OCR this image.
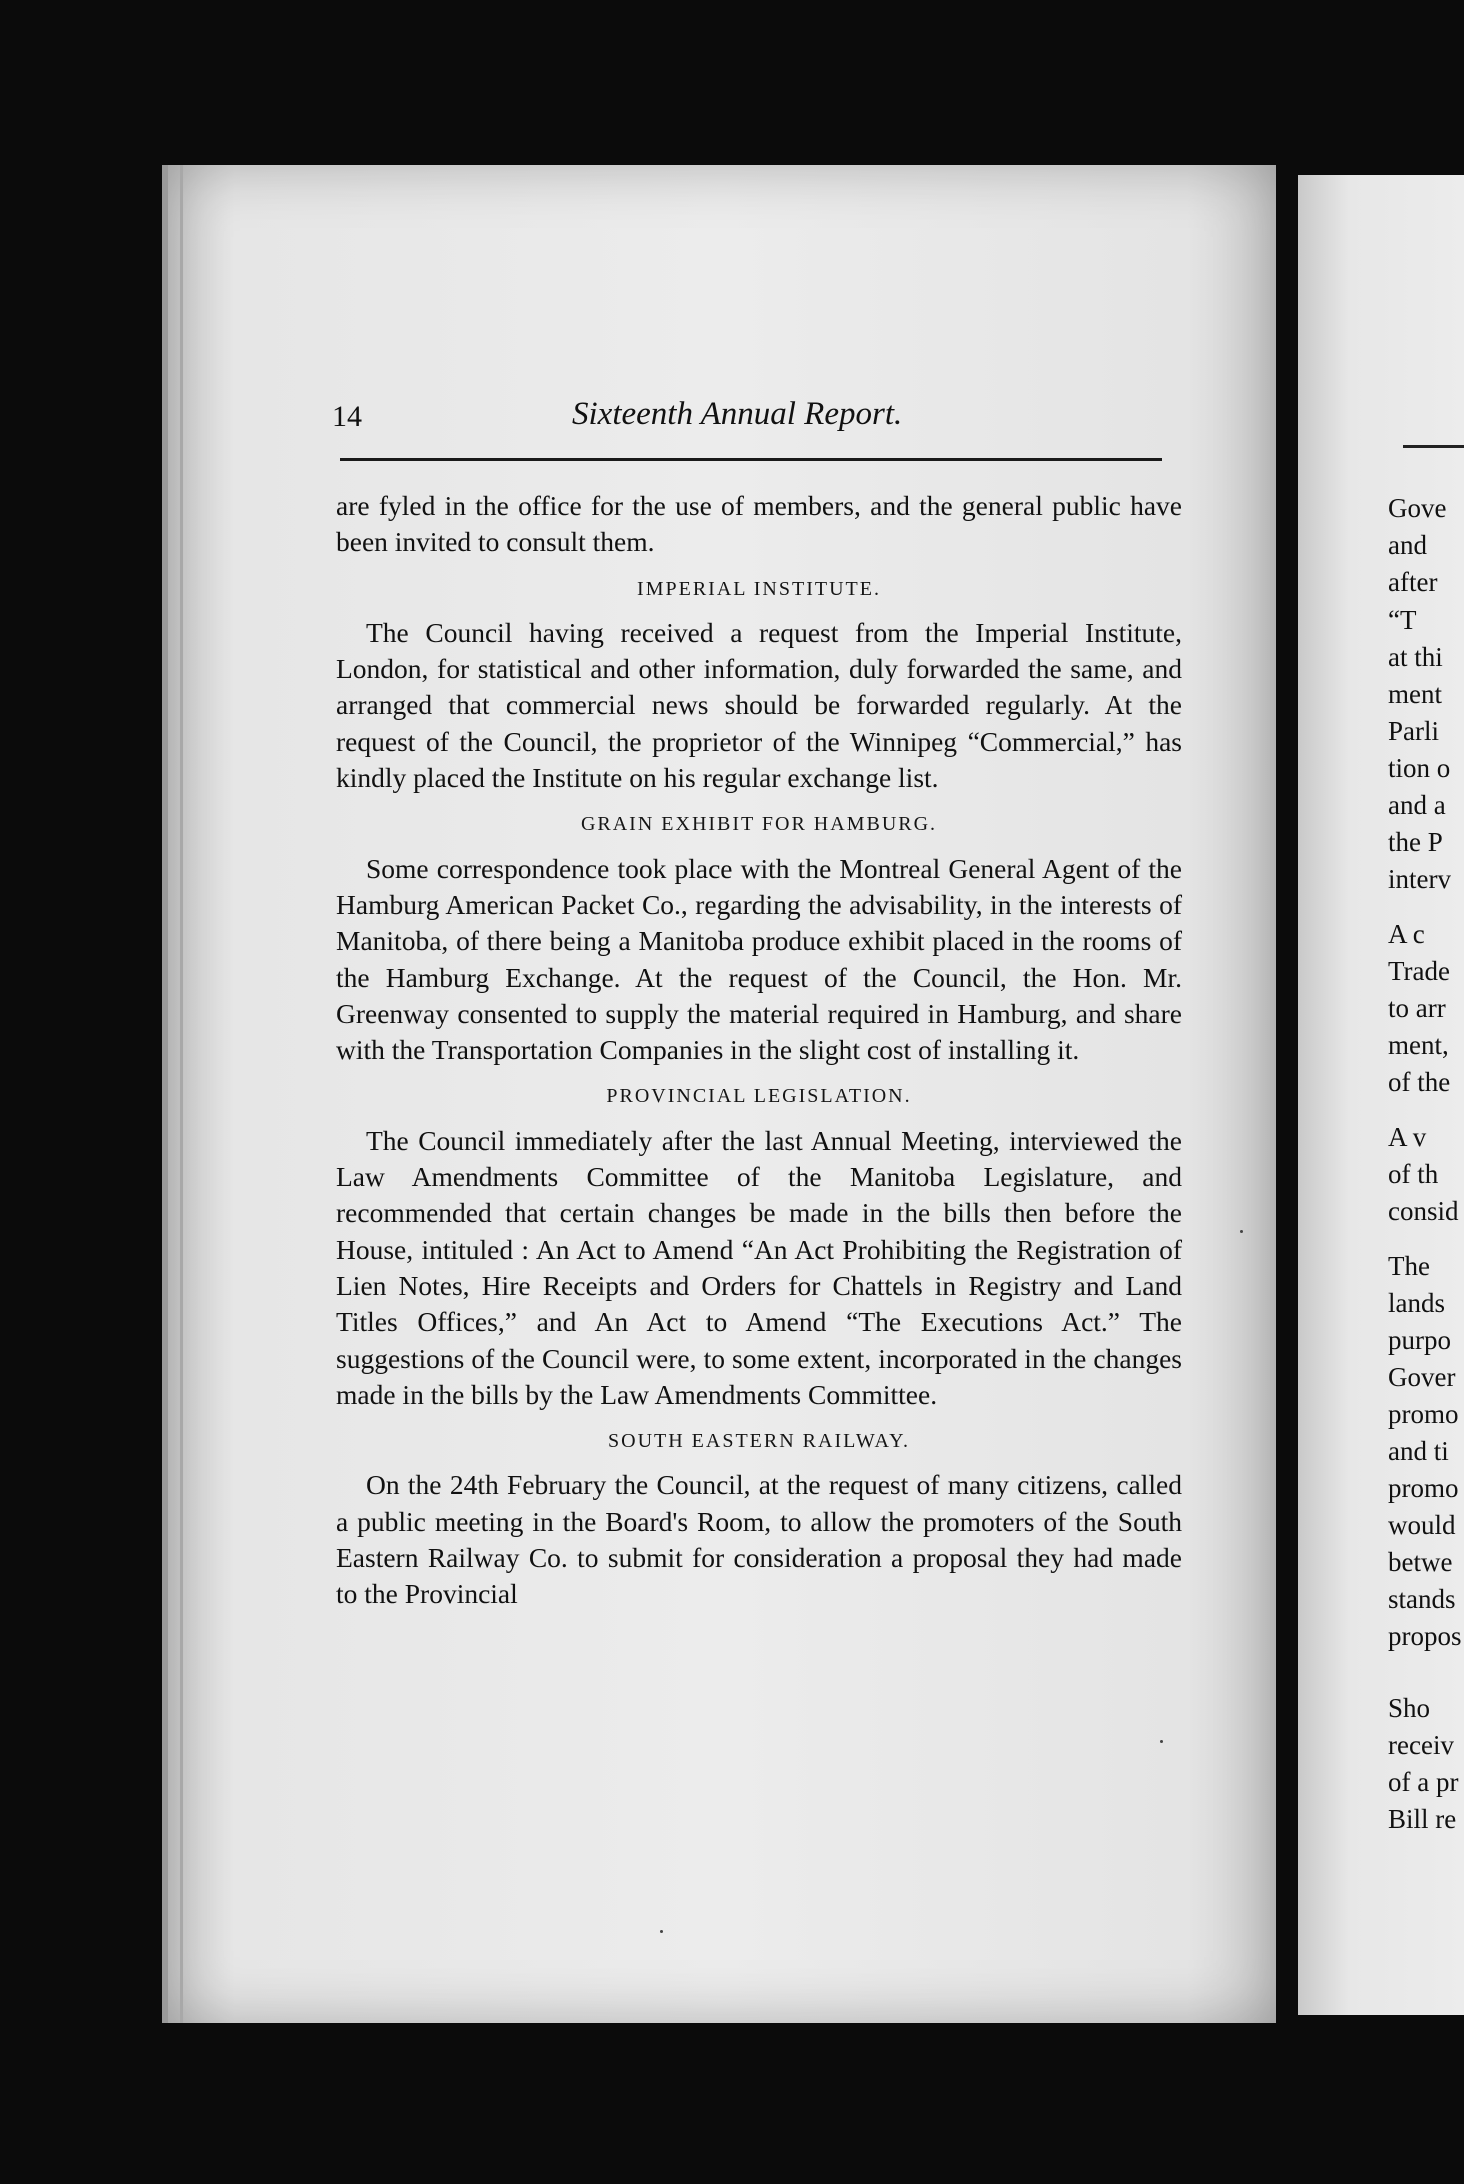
Gove

and

after

“T

at thi

ment

Parli

tion o

and a

the P

interv

A c

Trade

to arr

ment,

of the

A v

of th

consid

The

lands

purpo

Gover

promo

and ti

promo

would

betwe

stands

propos

Sho

receiv

of a pr

Bill re

14	Sixteenth Annual Report.

are fyled in the office for the use of members, and the general public have been invited to consult them.

IMPERIAL INSTITUTE.

The Council having received a request from the Imperial Institute, London, for statistical and other information, duly forwarded the same, and arranged that commercial news should be forwarded regularly. At the request of the Council, the proprietor of the Winnipeg “Commercial,” has kindly placed the Institute on his regular exchange list.

GRAIN EXHIBIT FOR HAMBURG.

Some correspondence took place with the Montreal General Agent of the Hamburg American Packet Co., regarding the advisability, in the interests of Manitoba, of there being a Manitoba produce exhibit placed in the rooms of the Hamburg Exchange. At the request of the Council, the Hon. Mr. Greenway consented to supply the material required in Hamburg, and share with the Transportation Companies in the slight cost of installing it.

PROVINCIAL LEGISLATION.

The Council immediately after the last Annual Meeting, interviewed the Law Amendments Committee of the Manitoba Legislature, and recommended that certain changes be made in the bills then before the House, intituled : An Act to Amend “An Act Prohibiting the Registration of Lien Notes, Hire Receipts and Orders for Chattels in Registry and Land Titles Offices,” and An Act to Amend “The Executions Act.” The suggestions of the Council were, to some extent, incorporated in the changes made in the bills by the Law Amendments Committee.

SOUTH EASTERN RAILWAY.

On the 24th February the Council, at the request of many citizens, called a public meeting in the Board's Room, to allow the promoters of the South Eastern Railway Co. to submit for consideration a proposal they had made to the Provincial
